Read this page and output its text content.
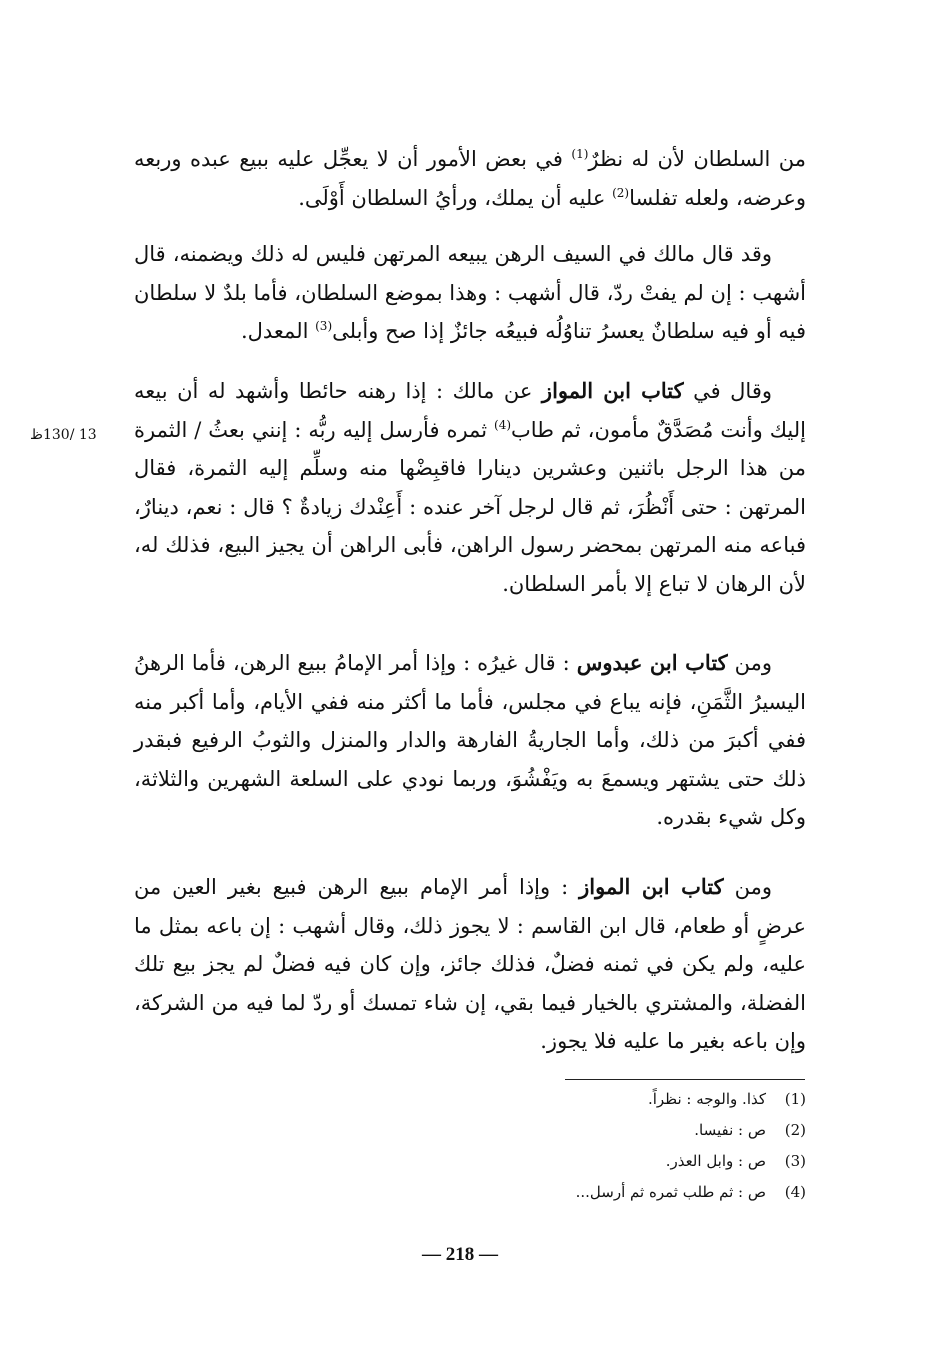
من السلطان لأن له نظرٌ$^{(1)}$ في بعض الأمور أن لا يعجِّل عليه ببيع عبده وربعه وعرضه، ولعله تفلسا$^{(2)}$ عليه أن يملك، ورأيُ السلطان أَوْلَى.

وقد قال مالك في السيف الرهن يبيعه المرتهن فليس له ذلك ويضمنه، قال أشهب : إن لم يفتْ ردّ، قال أشهب : وهذا بموضع السلطان، فأما بلدٌ لا سلطان فيه أو فيه سلطانٌ يعسرُ تناوُلُه فبيعُه جائزٌ إذا صح وأبلى$^{(3)}$ المعدل.

وقال في كتاب ابن المواز عن مالك : إذا رهنه حائطا وأشهد له أن بيعه إليك وأنت مُصَدَّقٌ مأمون، ثم طاب$^{(4)}$ ثمره فأرسل إليه ربُّه : إنني بعثُ / الثمرة من هذا الرجل باثنين وعشرين دينارا فاقبِضْها منه وسلِّم إليه الثمرة، فقال المرتهن : حتى أَنْظُرَ، ثم قال لرجل آخر عنده : أَعِنْدك زيادةٌ ؟ قال : نعم، دينارٌ، فباعه منه المرتهن بمحضر رسول الراهن، فأبى الراهن أن يجيز البيع، فذلك له، لأن الرهان لا تباع إلا بأمر السلطان.

ومن كتاب ابن عبدوس : قال غيرُه : وإذا أمر الإمامُ ببيع الرهن، فأما الرهنُ اليسيرُ الثَّمَنِ، فإنه يباع في مجلس، فأما ما أكثر منه ففي الأيام، وأما أكبر منه ففي أكبرَ من ذلك، وأما الجاريةُ الفارهة والدار والمنزل والثوبُ الرفيع فبقدر ذلك حتى يشتهر ويسمعَ به ويَفْشُوَ، وربما نودي على السلعة الشهرين والثلاثة، وكل شيء بقدره.

ومن كتاب ابن المواز : وإذا أمر الإمام ببيع الرهن فبيع بغير العين من عرضٍ أو طعام، قال ابن القاسم : لا يجوز ذلك، وقال أشهب : إن باعه بمثل ما عليه، ولم يكن في ثمنه فضلٌ، فذلك جائز، وإن كان فيه فضلٌ لم يجز بيع تلك الفضلة، والمشتري بالخيار فيما بقي، إن شاء تمسك أو ردّ لما فيه من الشركة، وإن باعه بغير ما عليه فلا يجوز.

13 /130ظ
(1)
كذا. والوجه : نظراً.
(2)
ص : نفيسا.
(3)
ص : وابل العذر.
(4)
ص : ثم طلب ثمره ثم أرسل...
— 218 —
